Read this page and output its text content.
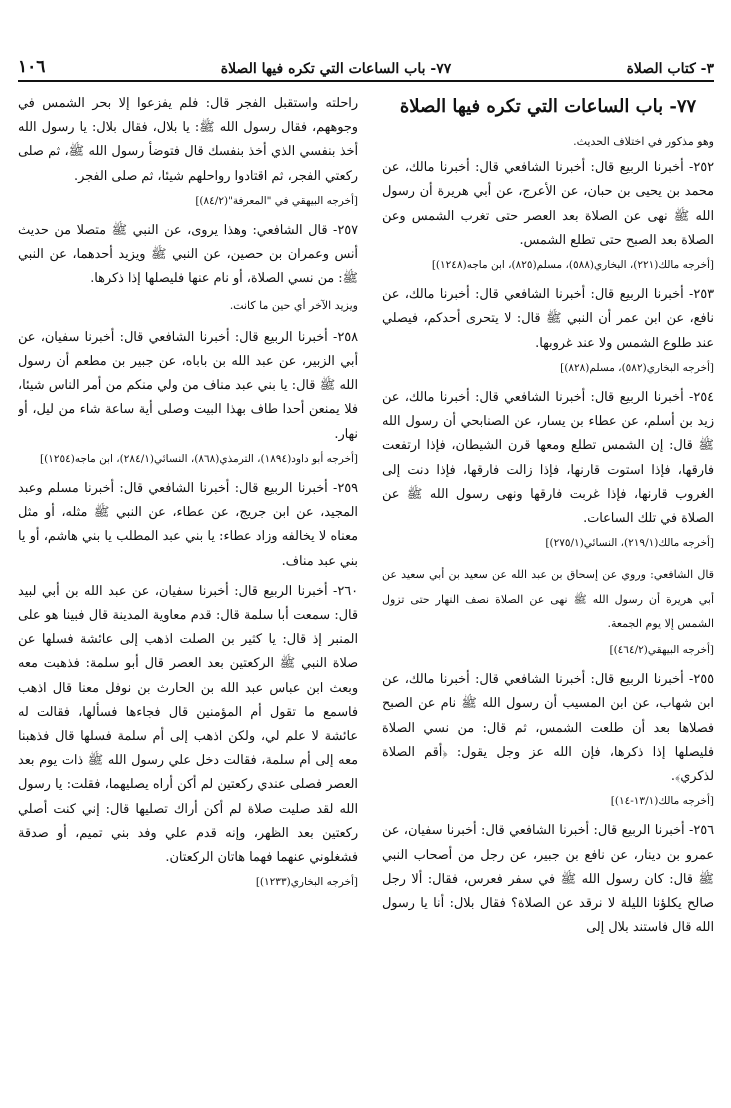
٣- كتاب الصلاة
٧٧- باب الساعات التي تكره فيها الصلاة
١٠٦

٧٧- باب الساعات التي تكره فيها الصلاة

وهو مذكور في اختلاف الحديث.

٢٥٢- أخبرنا الربيع قال: أخبرنا الشافعي قال: أخبرنا مالك، عن محمد بن يحيى بن حبان، عن الأعرج، عن أبي هريرة أن رسول الله ﷺ نهى عن الصلاة بعد العصر حتى تغرب الشمس وعن الصلاة بعد الصبح حتى تطلع الشمس.

[أخرجه مالك(٢٢١)، البخاري(٥٨٨)، مسلم(٨٢٥)، ابن ماجه(١٢٤٨)]

٢٥٣- أخبرنا الربيع قال: أخبرنا الشافعي قال: أخبرنا مالك، عن نافع، عن ابن عمر أن النبي ﷺ قال: لا يتحرى أحدكم، فيصلي عند طلوع الشمس ولا عند غروبها.

[أخرجه البخاري(٥٨٢)، مسلم(٨٢٨)]

٢٥٤- أخبرنا الربيع قال: أخبرنا الشافعي قال: أخبرنا مالك، عن زيد بن أسلم، عن عطاء بن يسار، عن الصنابحي أن رسول الله ﷺ قال: إن الشمس تطلع ومعها قرن الشيطان، فإذا ارتفعت فارقها، فإذا استوت قارنها، فإذا زالت فارقها، فإذا دنت إلى الغروب قارنها، فإذا غربت فارقها ونهى رسول الله ﷺ عن الصلاة في تلك الساعات.

[أخرجه مالك(٢١٩/١)، النسائي(٢٧٥/١)]

قال الشافعي: وروي عن إسحاق بن عبد الله عن سعيد بن أبي سعيد عن أبي هريرة أن رسول الله ﷺ نهى عن الصلاة نصف النهار حتى تزول الشمس إلا يوم الجمعة.

[أخرجه البيهقي(٤٦٤/٢)]

٢٥٥- أخبرنا الربيع قال: أخبرنا الشافعي قال: أخبرنا مالك، عن ابن شهاب، عن ابن المسيب أن رسول الله ﷺ نام عن الصبح فصلاها بعد أن طلعت الشمس، ثم قال: من نسي الصلاة فليصلها إذا ذكرها، فإن الله عز وجل يقول: ﴿أقم الصلاة لذكري﴾.

[أخرجه مالك(١٣/١-١٤)]

٢٥٦- أخبرنا الربيع قال: أخبرنا الشافعي قال: أخبرنا سفيان، عن عمرو بن دينار، عن نافع بن جبير، عن رجل من أصحاب النبي ﷺ قال: كان رسول الله ﷺ في سفر فعرس، فقال: ألا رجل صالح يكلؤنا الليلة لا نرقد عن الصلاة؟ فقال بلال: أنا يا رسول الله قال فاستند بلال إلى

راحلته واستقبل الفجر قال: فلم يفزعوا إلا بحر الشمس في وجوههم، فقال رسول الله ﷺ: يا بلال، فقال بلال: يا رسول الله أخذ بنفسي الذي أخذ بنفسك قال فتوضأ رسول الله ﷺ، ثم صلى ركعتي الفجر، ثم اقتادوا رواحلهم شيئا، ثم صلى الفجر.

[أخرجه البيهقي في "المعرفة"(٨٤/٢)]

٢٥٧- قال الشافعي: وهذا يروى، عن النبي ﷺ متصلا من حديث أنس وعمران بن حصين، عن النبي ﷺ ويزيد أحدهما، عن النبي ﷺ: من نسي الصلاة، أو نام عنها فليصلها إذا ذكرها.

ويزيد الآخر أي حين ما كانت.

٢٥٨- أخبرنا الربيع قال: أخبرنا الشافعي قال: أخبرنا سفيان، عن أبي الزبير، عن عبد الله بن باباه، عن جبير بن مطعم أن رسول الله ﷺ قال: يا بني عبد مناف من ولي منكم من أمر الناس شيئا، فلا يمنعن أحدا طاف بهذا البيت وصلى أية ساعة شاء من ليل، أو نهار.

[أخرجه أبو داود(١٨٩٤)، الترمذي(٨٦٨)، النسائي(٢٨٤/١)، ابن ماجه(١٢٥٤)]

٢٥٩- أخبرنا الربيع قال: أخبرنا الشافعي قال: أخبرنا مسلم وعبد المجيد، عن ابن جريج، عن عطاء، عن النبي ﷺ مثله، أو مثل معناه لا يخالفه وزاد عطاء: يا بني عبد المطلب يا بني هاشم، أو يا بني عبد مناف.

٢٦٠- أخبرنا الربيع قال: أخبرنا سفيان، عن عبد الله بن أبي لبيد قال: سمعت أبا سلمة قال: قدم معاوية المدينة قال فبينا هو على المنبر إذ قال: يا كثير بن الصلت اذهب إلى عائشة فسلها عن صلاة النبي ﷺ الركعتين بعد العصر قال أبو سلمة: فذهبت معه وبعث ابن عباس عبد الله بن الحارث بن نوفل معنا قال اذهب فاسمع ما تقول أم المؤمنين قال فجاءها فسألها، فقالت له عائشة لا علم لي، ولكن اذهب إلى أم سلمة فسلها قال فذهبنا معه إلى أم سلمة، فقالت دخل علي رسول الله ﷺ ذات يوم بعد العصر فصلى عندي ركعتين لم أكن أراه يصليهما، فقلت: يا رسول الله لقد صليت صلاة لم أكن أراك تصليها قال: إني كنت أصلي ركعتين بعد الظهر، وإنه قدم علي وفد بني تميم، أو صدقة فشغلوني عنهما فهما هاتان الركعتان.

[أخرجه البخاري(١٢٣٣)]
